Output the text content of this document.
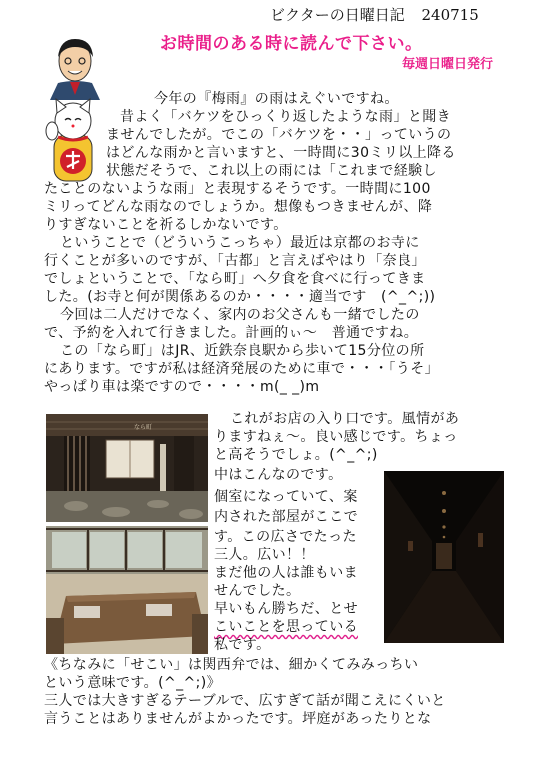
ビクターの日曜日記 240715
お時間のある時に読んで下さい。
毎週日曜日発行
今年の『梅雨』の雨はえぐいですね。
昔よく「バケツをひっくり返したような雨」と聞き
ませんでしたが。でこの「バケツを・・」っていうの
はどんな雨かと言いますと、一時間に30ミリ以上降る
状態だそうで、これ以上の雨には「これまで経験し
たことのないような雨」と表現するそうです。一時間に100
ミリってどんな雨なのでしょうか。想像もつきませんが、降
りすぎないことを祈るしかないです。
ということで（どういうこっちゃ）最近は京都のお寺に
行くことが多いのですが、「古都」と言えばやはり「奈良」
でしょということで、「なら町」へ夕食を食べに行ってきま
した。(お寺と何が関係あるのか・・・・適当です　(^_^;))
今回は二人だけでなく、家内のお父さんも一緒でしたの
で、予約を入れて行きました。計画的ぃ～　普通ですね。
この「なら町」はJR、近鉄奈良駅から歩いて15分位の所
にあります。ですが私は経済発展のために車で・・・「うそ」
やっぱり車は楽ですので・・・・m(_ _)m
なら町
これがお店の入り口です。風情があ
りますねぇ～。良い感じです。ちょっ
と高そうでしょ。(^_^;)
中はこんなのです。
個室になっていて、案
内された部屋がここで
す。この広さでたった
三人。広い！！
まだ他の人は誰もいま
せんでした。
早いもん勝ちだ、とせ
こいことを思っている
私です。
《ちなみに「せこい」は関西弁では、細かくてみみっちい
という意味です。(^_^;)》
三人では大きすぎるテーブルで、広すぎて話が聞こえにくいと
言うことはありませんがよかったです。坪庭があったりとな
